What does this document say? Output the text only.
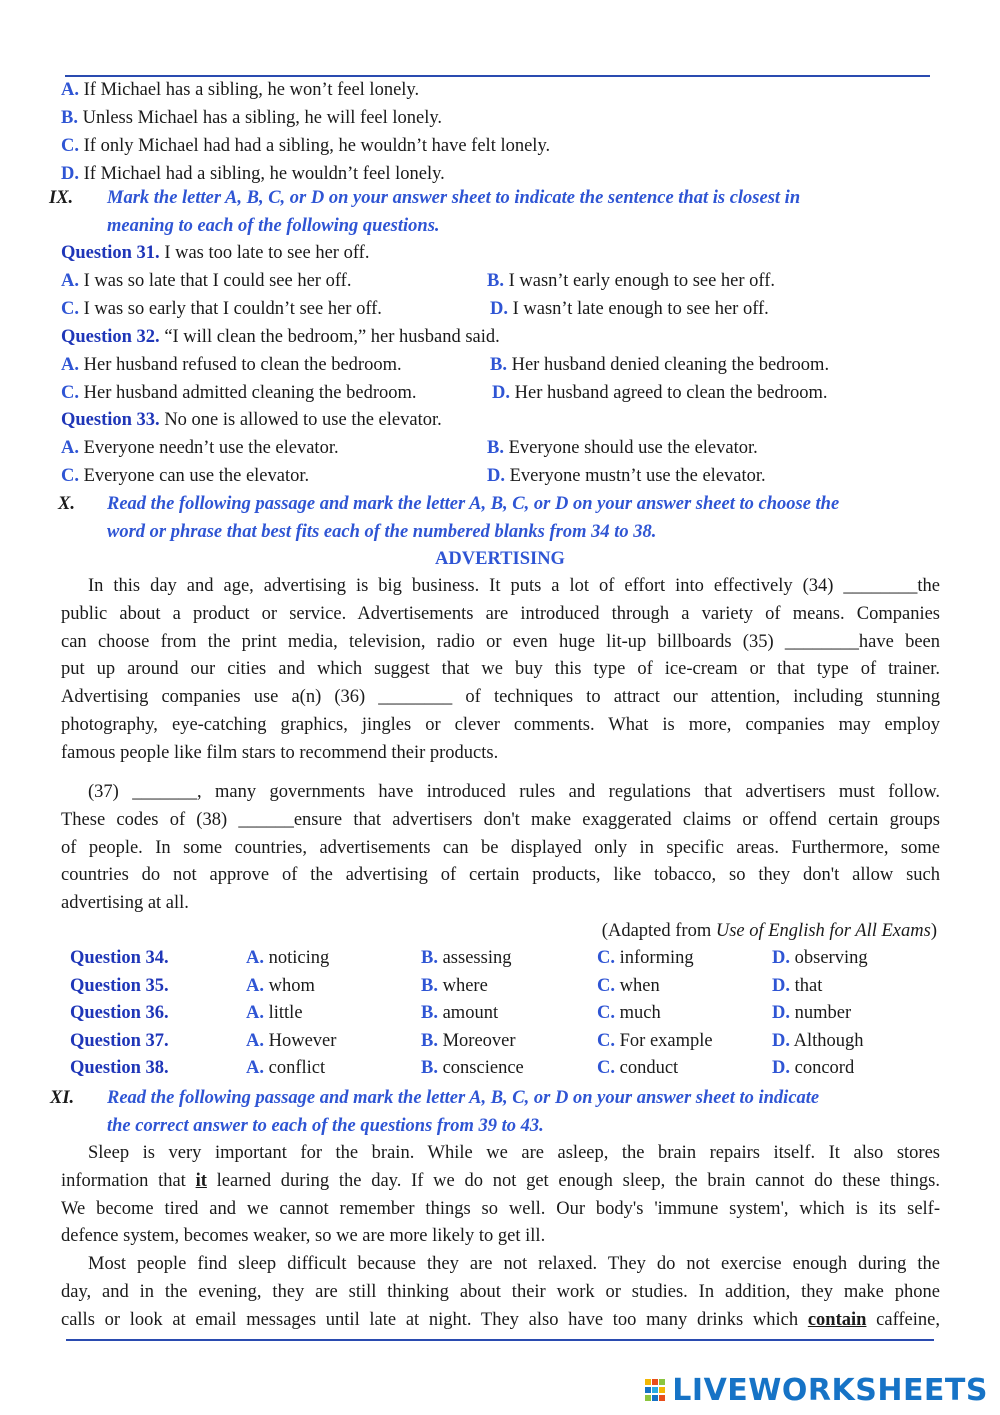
A. If Michael has a sibling, he won’t feel lonely.
B. Unless Michael has a sibling, he will feel lonely.
C. If only Michael had had a sibling, he wouldn’t have felt lonely.
D. If Michael had a sibling, he wouldn’t feel lonely.
IX. Mark the letter A, B, C, or D on your answer sheet to indicate the sentence that is closest in
meaning to each of the following questions.
Question 31. I was too late to see her off.
A. I was so late that I could see her off.	B. I wasn’t early enough to see her off.
C. I was so early that I couldn’t see her off.	D. I wasn’t late enough to see her off.
Question 32. “I will clean the bedroom,” her husband said.
A. Her husband refused to clean the bedroom.	B. Her husband denied cleaning the bedroom.
C. Her husband admitted cleaning the bedroom.	D. Her husband agreed to clean the bedroom.
Question 33. No one is allowed to use the elevator.
A. Everyone needn’t use the elevator.	B. Everyone should use the elevator.
C. Everyone can use the elevator.	D. Everyone mustn’t use the elevator.
X. Read the following passage and mark the letter A, B, C, or D on your answer sheet to choose the
word or phrase that best fits each of the numbered blanks from 34 to 38.
ADVERTISING
In this day and age, advertising is big business. It puts a lot of effort into effectively (34) ________the
public about a product or service. Advertisements are introduced through a variety of means. Companies
can choose from the print media, television, radio or even huge lit-up billboards (35) ________have been
put up around our cities and which suggest that we buy this type of ice-cream or that type of trainer.
Advertising companies use a(n) (36) ________ of techniques to attract our attention, including stunning
photography, eye-catching graphics, jingles or clever comments. What is more, companies may employ
famous people like film stars to recommend their products.
(37) _______, many governments have introduced rules and regulations that advertisers must follow.
These codes of (38) ______ensure that advertisers don't make exaggerated claims or offend certain groups
of people. In some countries, advertisements can be displayed only in specific areas. Furthermore, some
countries do not approve of the advertising of certain products, like tobacco, so they don't allow such
advertising at all.
(Adapted from Use of English for All Exams)
Question 34.	A. noticing	B. assessing	C. informing	D. observing
Question 35.	A. whom	B. where	C. when	D. that
Question 36.	A. little	B. amount	C. much	D. number
Question 37.	A. However	B. Moreover	C. For example	D. Although
Question 38.	A. conflict	B. conscience	C. conduct	D. concord
XI. Read the following passage and mark the letter A, B, C, or D on your answer sheet to indicate
the correct answer to each of the questions from 39 to 43.
Sleep is very important for the brain. While we are asleep, the brain repairs itself. It also stores
information that it learned during the day. If we do not get enough sleep, the brain cannot do these things.
We become tired and we cannot remember things so well. Our body's 'immune system', which is its self-
defence system, becomes weaker, so we are more likely to get ill.
Most people find sleep difficult because they are not relaxed. They do not exercise enough during the
day, and in the evening, they are still thinking about their work or studies. In addition, they make phone
calls or look at email messages until late at night. They also have too many drinks which contain caffeine,
LIVEWORKSHEETS
